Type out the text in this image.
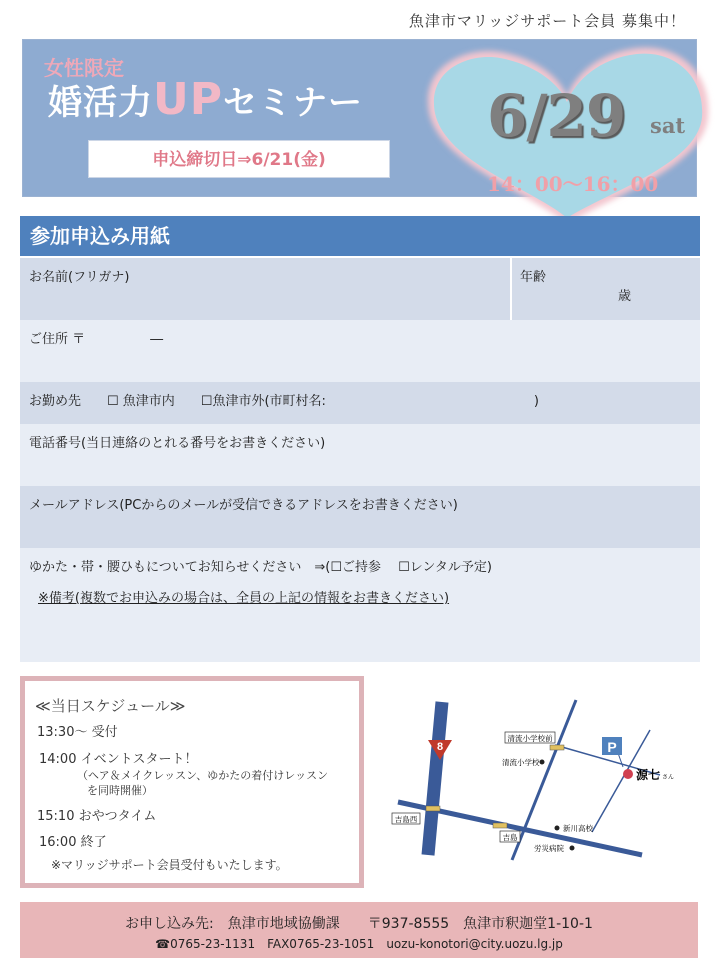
魚津市マリッジサポート会員 募集中！
女性限定
婚活力UPセミナー
申込締切日⇒6/21(金)
6/29 sat
14：00～16：00
参加申込み用紙
お名前(フリガナ)	年齢
歳
ご住所 〒　　　　　―
お勤め先　　☐ 魚津市内　　☐魚津市外(市町村名:　　　　　　　　　　　　　　　　)
電話番号(当日連絡のとれる番号をお書きください)
メールアドレス(PCからのメールが受信できるアドレスをお書きください)
ゆかた・帯・腰ひもについてお知らせください　⇒(☐ご持参　 ☐レンタル予定)
※備考(複数でお申込みの場合は、全員の上記の情報をお書きください)
≪当日スケジュール≫
13:30～ 受付
14:00 イベントスタート！
（ヘア＆メイクレッスン、ゆかたの着付けレッスン
を同時開催）
15:10 おやつタイム
16:00 終了
※マリッジサポート会員受付もいたします。
8
清流小学校前
清流小学校
P
源七 さん
吉島西
吉島
新川高校
労災病院
お申し込み先:　魚津市地域協働課　　〒937-8555　魚津市釈迦堂1-10-1
☎0765-23-1131　FAX0765-23-1051　uozu-konotori@city.uozu.lg.jp
